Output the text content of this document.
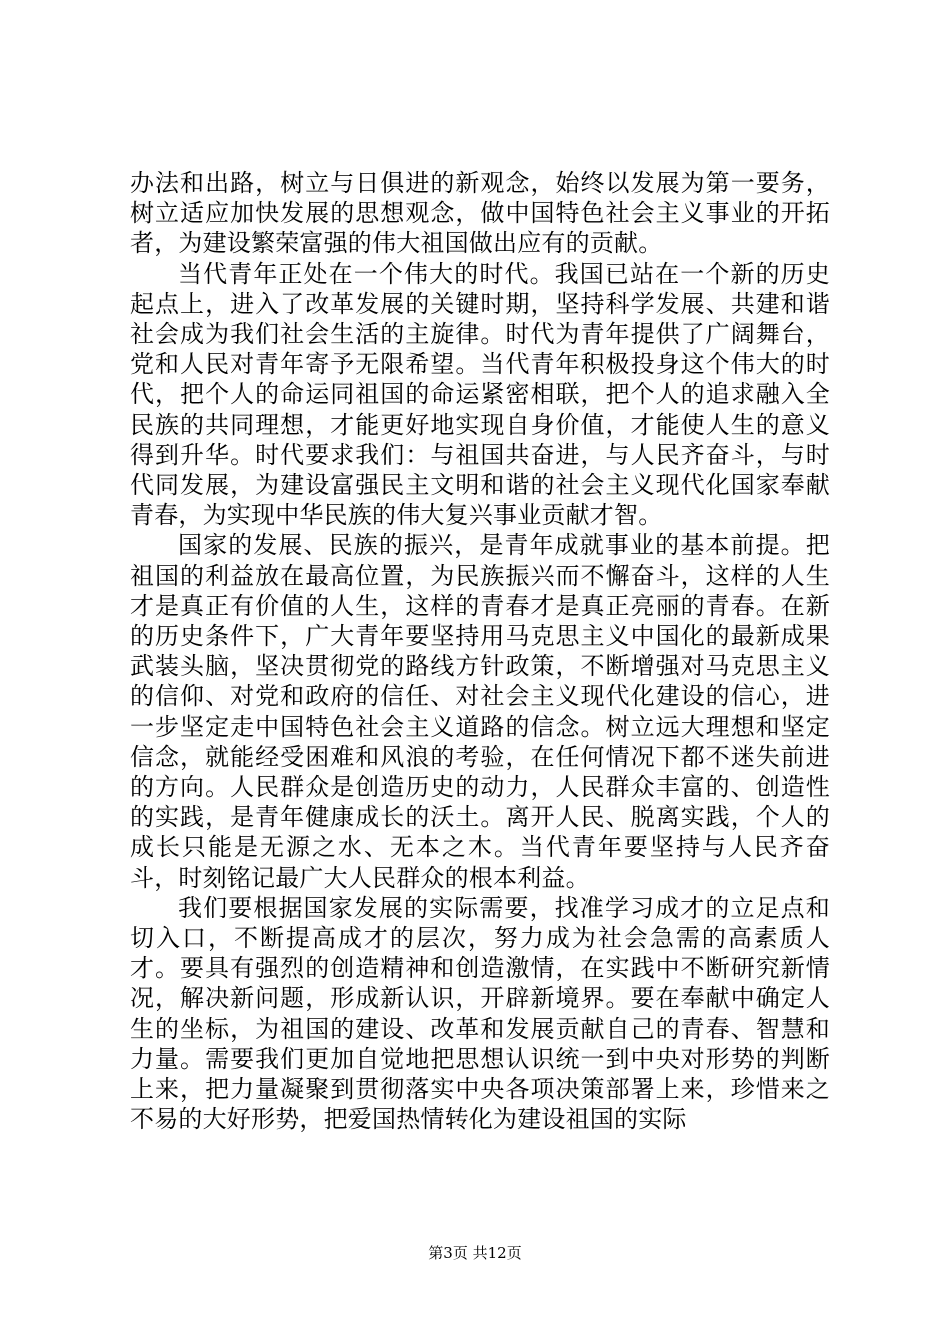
办法和出路，树立与日俱进的新观念，始终以发展为第一要务，树立适应加快发展的思想观念，做中国特色社会主义事业的开拓者，为建设繁荣富强的伟大祖国做出应有的贡献。

当代青年正处在一个伟大的时代。我国已站在一个新的历史起点上，进入了改革发展的关键时期，坚持科学发展、共建和谐社会成为我们社会生活的主旋律。时代为青年提供了广阔舞台，党和人民对青年寄予无限希望。当代青年积极投身这个伟大的时代，把个人的命运同祖国的命运紧密相联，把个人的追求融入全民族的共同理想，才能更好地实现自身价值，才能使人生的意义得到升华。时代要求我们：与祖国共奋进，与人民齐奋斗，与时代同发展，为建设富强民主文明和谐的社会主义现代化国家奉献青春，为实现中华民族的伟大复兴事业贡献才智。

国家的发展、民族的振兴，是青年成就事业的基本前提。把祖国的利益放在最高位置，为民族振兴而不懈奋斗，这样的人生才是真正有价值的人生，这样的青春才是真正亮丽的青春。在新的历史条件下，广大青年要坚持用马克思主义中国化的最新成果武装头脑，坚决贯彻党的路线方针政策，不断增强对马克思主义的信仰、对党和政府的信任、对社会主义现代化建设的信心，进一步坚定走中国特色社会主义道路的信念。树立远大理想和坚定信念，就能经受困难和风浪的考验，在任何情况下都不迷失前进的方向。人民群众是创造历史的动力，人民群众丰富的、创造性的实践，是青年健康成长的沃土。离开人民、脱离实践，个人的成长只能是无源之水、无本之木。当代青年要坚持与人民齐奋斗，时刻铭记最广大人民群众的根本利益。

我们要根据国家发展的实际需要，找准学习成才的立足点和切入口，不断提高成才的层次，努力成为社会急需的高素质人才。要具有强烈的创造精神和创造激情，在实践中不断研究新情况，解决新问题，形成新认识，开辟新境界。要在奉献中确定人生的坐标，为祖国的建设、改革和发展贡献自己的青春、智慧和力量。需要我们更加自觉地把思想认识统一到中央对形势的判断上来，把力量凝聚到贯彻落实中央各项决策部署上来，珍惜来之不易的大好形势，把爱国热情转化为建设祖国的实际

第3页 共12页
